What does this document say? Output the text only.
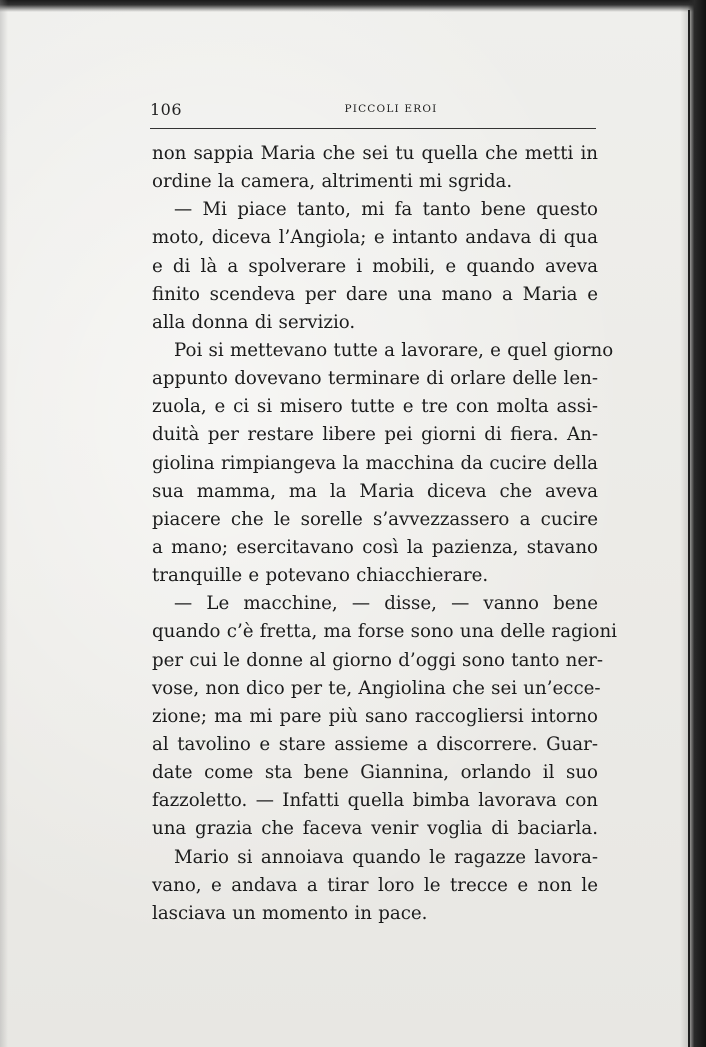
106	PICCOLI EROI
non sappia Maria che sei tu quella che metti in
ordine la camera, altrimenti mi sgrida.
— Mi piace tanto, mi fa tanto bene questo
moto, diceva l’Angiola; e intanto andava di qua
e di là a spolverare i mobili, e quando aveva
finito scendeva per dare una mano a Maria e
alla donna di servizio.
Poi si mettevano tutte a lavorare, e quel giorno
appunto dovevano terminare di orlare delle len-
zuola, e ci si misero tutte e tre con molta assi-
duità per restare libere pei giorni di fiera. An-
giolina rimpiangeva la macchina da cucire della
sua mamma, ma la Maria diceva che aveva
piacere che le sorelle s’avvezzassero a cucire
a mano; esercitavano così la pazienza, stavano
tranquille e potevano chiacchierare.
— Le macchine, — disse, — vanno bene
quando c’è fretta, ma forse sono una delle ragioni
per cui le donne al giorno d’oggi sono tanto ner-
vose, non dico per te, Angiolina che sei un’ecce-
zione; ma mi pare più sano raccogliersi intorno
al tavolino e stare assieme a discorrere. Guar-
date come sta bene Giannina, orlando il suo
fazzoletto. — Infatti quella bimba lavorava con
una grazia che faceva venir voglia di baciarla.
Mario si annoiava quando le ragazze lavora-
vano, e andava a tirar loro le trecce e non le
lasciava un momento in pace.
